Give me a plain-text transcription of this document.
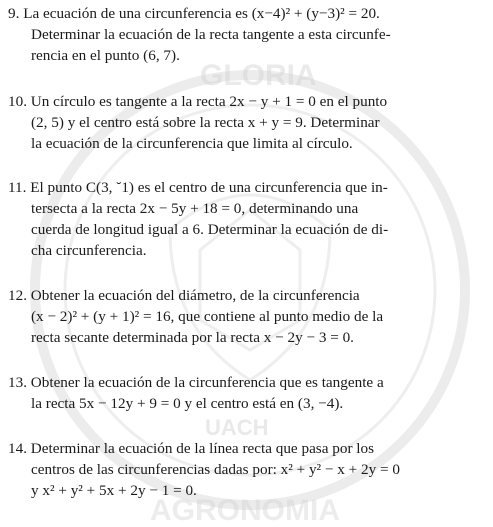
GLORIA
UACH
AGRONOMIA
9. La ecuación de una circunferencia es (x−4)² + (y−3)² = 20.
Determinar la ecuación de la recta tangente a esta circunfe-
rencia en el punto (6, 7).
10. Un círculo es tangente a la recta 2x − y + 1 = 0 en el punto
(2, 5) y el centro está sobre la recta x + y = 9. Determinar
la ecuación de la circunferencia que limita al círculo.
11. El punto C(3, ˘1) es el centro de una circunferencia que in-
tersecta a la recta 2x − 5y + 18 = 0, determinando una
cuerda de longitud igual a 6. Determinar la ecuación de di-
cha circunferencia.
12. Obtener la ecuación del diámetro, de la circunferencia
(x − 2)² + (y + 1)² = 16, que contiene al punto medio de la
recta secante determinada por la recta x − 2y − 3 = 0.
13. Obtener la ecuación de la circunferencia que es tangente a
la recta 5x − 12y + 9 = 0 y el centro está en (3, −4).
14. Determinar la ecuación de la línea recta que pasa por los
centros de las circunferencias dadas por: x² + y² − x + 2y = 0
y x² + y² + 5x + 2y − 1 = 0.
